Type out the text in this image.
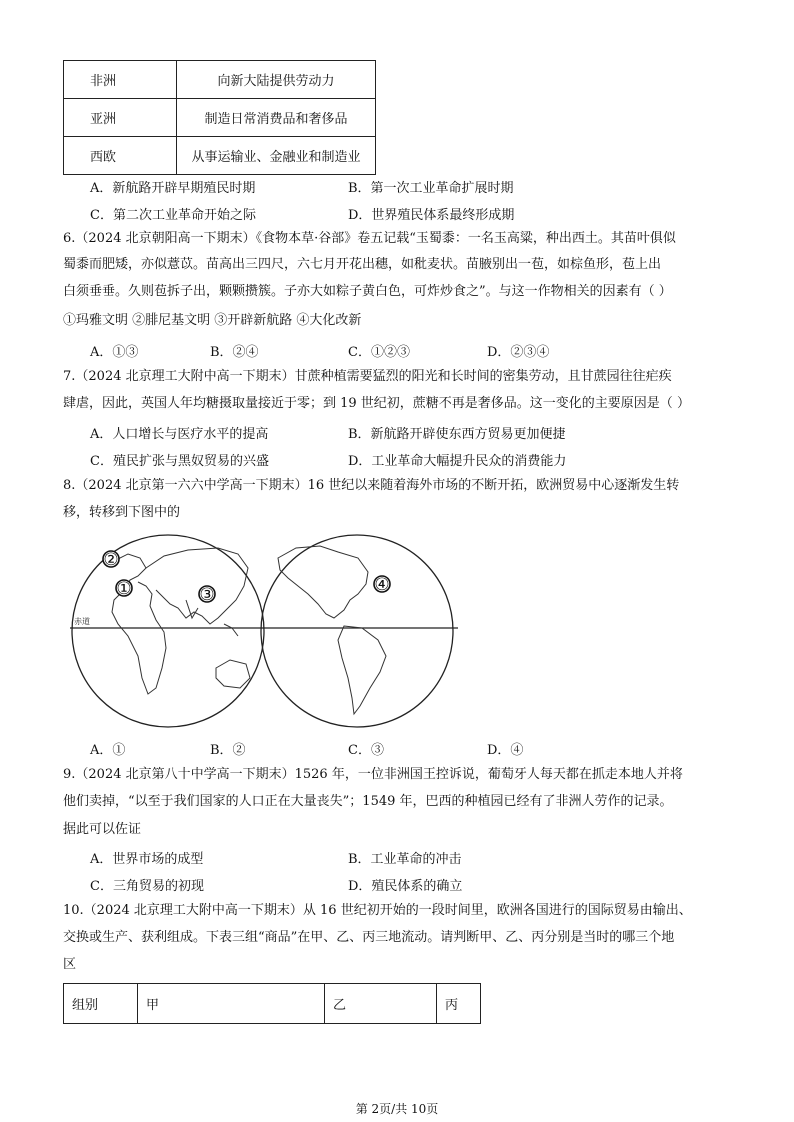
非洲	向新大陆提供劳动力
亚洲	制造日常消费品和奢侈品
西欧	从事运输业、金融业和制造业
A．新航路开辟早期殖民时期	B．第一次工业革命扩展时期
C．第二次工业革命开始之际	D．世界殖民体系最终形成期
6.（2024 北京朝阳高一下期末）《食物本草·谷部》卷五记载“玉蜀黍：一名玉高粱，种出西土。其苗叶俱似
蜀黍而肥矮，亦似薏苡。苗高出三四尺，六七月开花出穗，如秕麦状。苗腋别出一苞，如棕鱼形，苞上出
白须垂垂。久则苞拆子出，颗颗攒簇。子亦大如粽子黄白色，可炸炒食之”。与这一作物相关的因素有（ ）
①玛雅文明 ②腓尼基文明 ③开辟新航路 ④大化改新
A．①③	B．②④	C．①②③	D．②③④
7.（2024 北京理工大附中高一下期末）甘蔗种植需要猛烈的阳光和长时间的密集劳动，且甘蔗园往往疟疾
肆虐，因此，英国人年均糖摄取量接近于零；到 19 世纪初，蔗糖不再是奢侈品。这一变化的主要原因是（ ）
A．人口增长与医疗水平的提高	B．新航路开辟使东西方贸易更加便捷
C．殖民扩张与黑奴贸易的兴盛	D．工业革命大幅提升民众的消费能力
8.（2024 北京第一六六中学高一下期末）16 世纪以来随着海外市场的不断开拓，欧洲贸易中心逐渐发生转
移，转移到下图中的
赤道
②
①	③	④
A．①	B．②	C．③	D．④
9.（2024 北京第八十中学高一下期末）1526 年，一位非洲国王控诉说，葡萄牙人每天都在抓走本地人并将
他们卖掉，“以至于我们国家的人口正在大量丧失”；1549 年，巴西的种植园已经有了非洲人劳作的记录。
据此可以佐证
A．世界市场的成型	B．工业革命的冲击
C．三角贸易的初现	D．殖民体系的确立
10.（2024 北京理工大附中高一下期末）从 16 世纪初开始的一段时间里，欧洲各国进行的国际贸易由输出、
交换或生产、获利组成。下表三组“商品”在甲、乙、丙三地流动。请判断甲、乙、丙分别是当时的哪三个地
区
组别	甲	乙	丙
第 2页/共 10页
